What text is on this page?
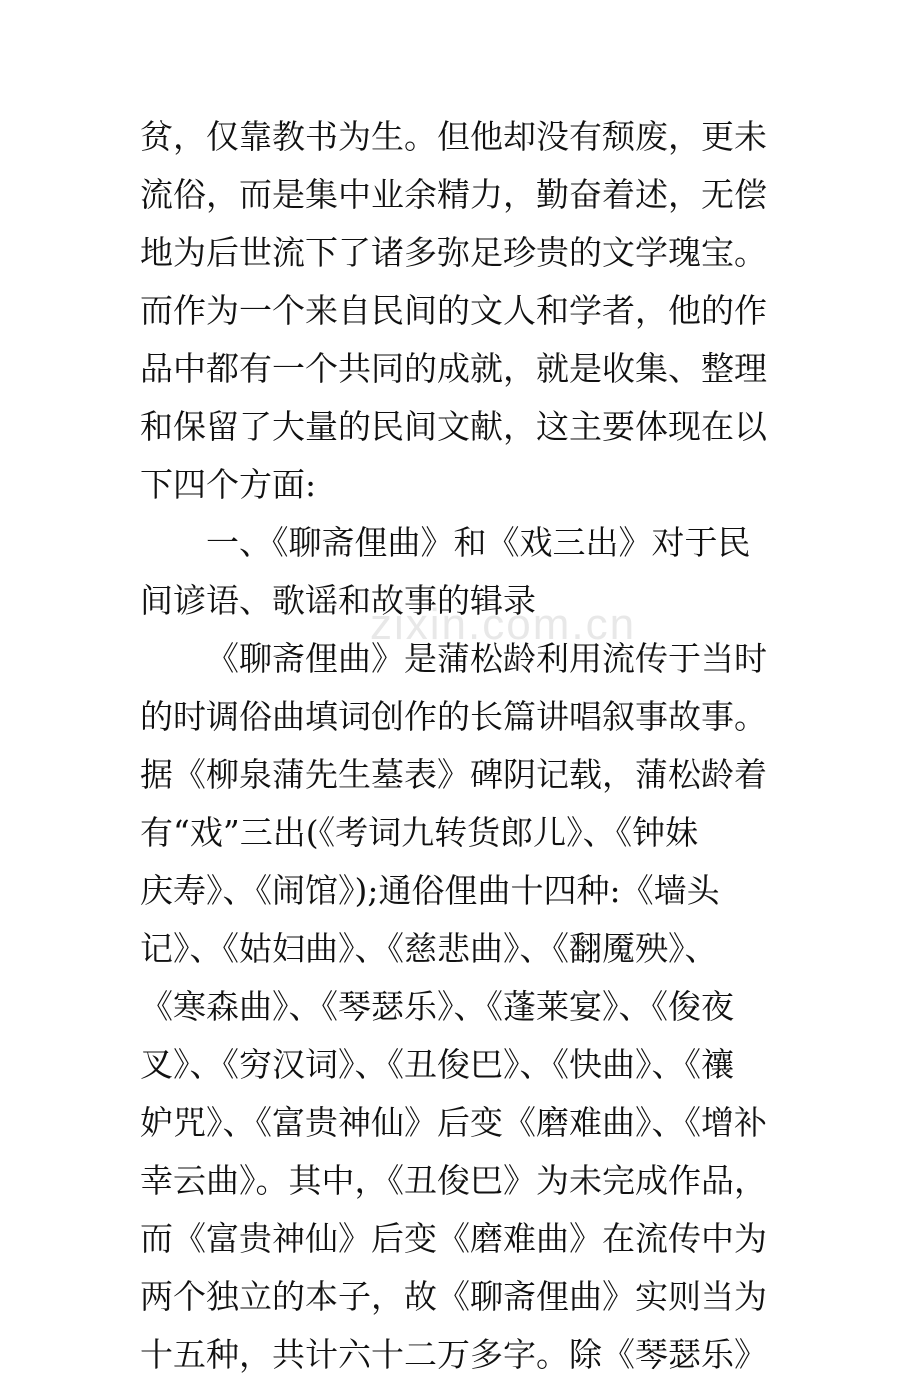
zixin.com.cn
贫，仅靠教书为生。但他却没有颓废，更未
流俗，而是集中业余精力，勤奋着述，无偿
地为后世流下了诸多弥足珍贵的文学瑰宝。
而作为一个来自民间的文人和学者，他的作
品中都有一个共同的成就，就是收集、整理
和保留了大量的民间文献，这主要体现在以
下四个方面:
一、《聊斋俚曲》和《戏三出》对于民
间谚语、歌谣和故事的辑录
《聊斋俚曲》是蒲松龄利用流传于当时
的时调俗曲填词创作的长篇讲唱叙事故事。
据《柳泉蒲先生墓表》碑阴记载，蒲松龄着
有“戏”三出(《考词九转货郎儿》、《钟妹
庆寿》、《闹馆》);通俗俚曲十四种:《墙头
记》、《姑妇曲》、《慈悲曲》、《翻魇殃》、
《寒森曲》、《琴瑟乐》、《蓬莱宴》、《俊夜
叉》、《穷汉词》、《丑俊巴》、《快曲》、《禳
妒咒》、《富贵神仙》后变《磨难曲》、《增补
幸云曲》。其中，《丑俊巴》为未完成作品，
而《富贵神仙》后变《磨难曲》在流传中为
两个独立的本子，故《聊斋俚曲》实则当为
十五种，共计六十二万多字。除《琴瑟乐》
